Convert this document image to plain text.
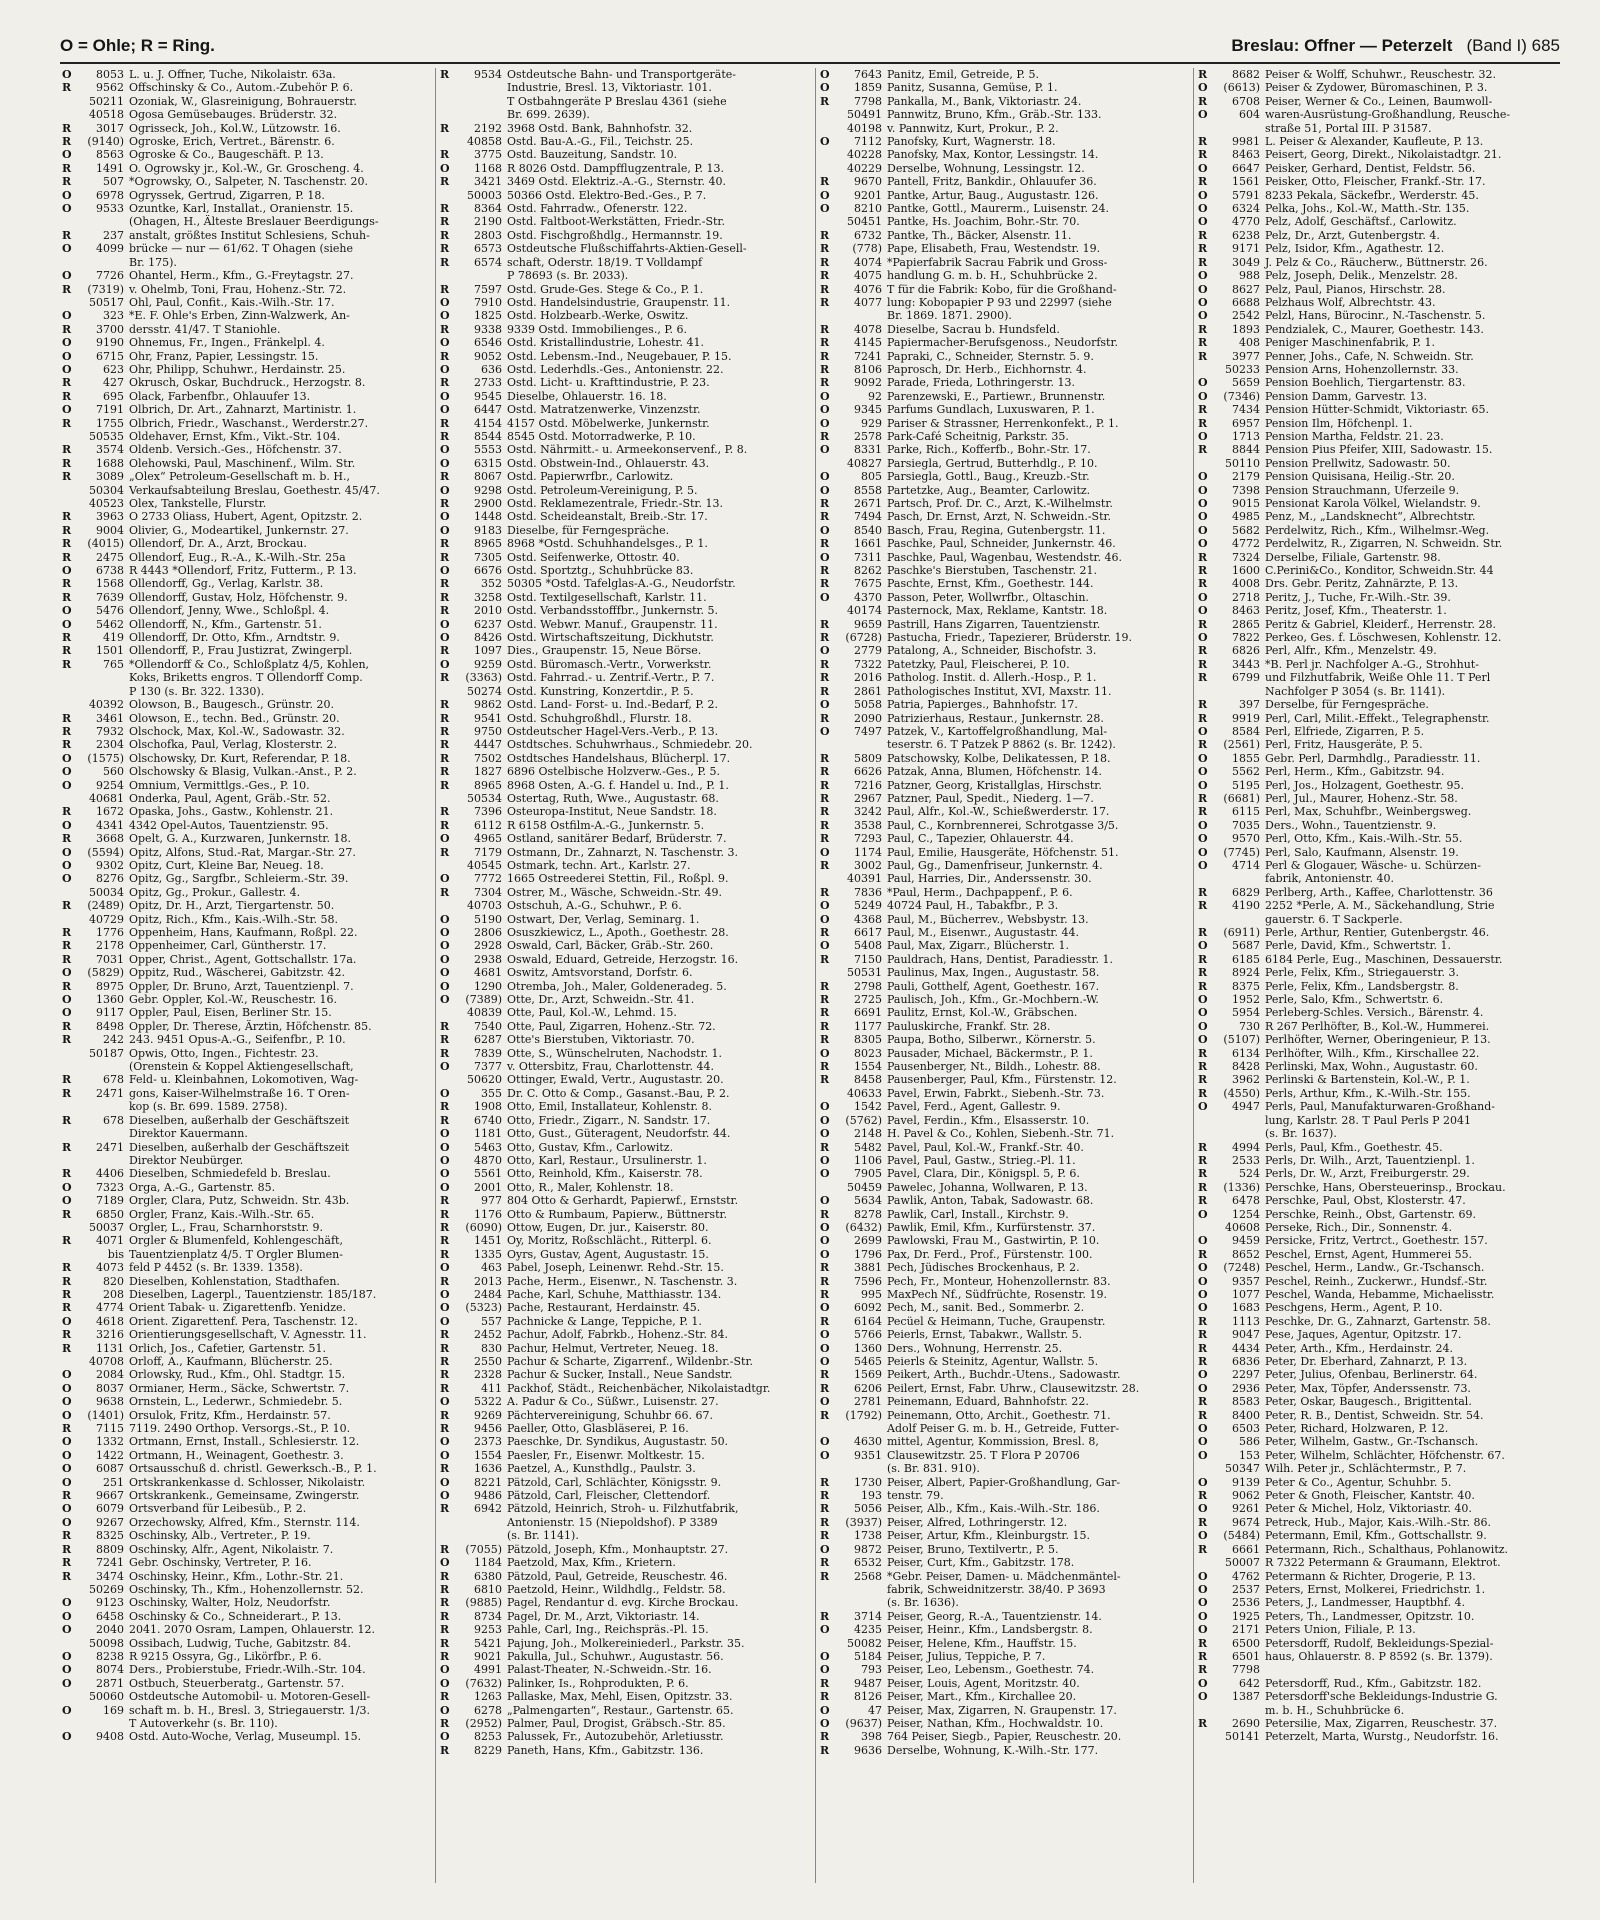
O = Ohle; R = Ring.	Breslau: Offner — Peterzelt (Band I) 685
O 8053 L. u. J. Offner, Tuche, Nikolaistr. 63a.
R 9562 Offschinsky & Co., Autom.-Zubehör P. 6.
50211 Ozoniak, W., Glasreinigung, Bohrauerstr.
40518 Ogosa Gemüsebauges. Brüderstr. 32.
R 3017 Ogrisseck, Joh., Kol.W., Lützowstr. 16.
R (9140) Ogroske, Erich, Vertret., Bärenstr. 6.
O 8563 Ogroske & Co., Baugeschäft. P. 13.
R 1491 O. Ogrowsky jr., Kol.-W., Gr. Groscheng. 4.
R	507 *Ogrowsky, O., Salpeter, N. Taschenstr. 20.
O 6978 Ogryssek, Gertrud, Zigarren, P. 18.
O 9533 Ozuntke, Karl, Installat., Oranienstr. 15.
(Ohagen, H., Älteste Breslauer Beerdigungs-
R	237 anstalt, größtes Institut Schlesiens, Schuh-
O 4099 brücke — nur — 61/62. T Ohagen (siehe
Br. 175).
O 7726 Ohantel, Herm., Kfm., G.-Freytagstr. 27.
R (7319) v. Ohelmb, Toni, Frau, Hohenz.-Str. 72.
50517 Ohl, Paul, Confit., Kais.-Wilh.-Str. 17.
O	323 *E. F. Ohle's Erben, Zinn-Walzwerk, An-
R 3700 dersstr. 41/47. T Staniohle.
O 9190 Ohnemus, Fr., Ingen., Fränkelpl. 4.
O 6715 Ohr, Franz, Papier, Lessingstr. 15.
O	623 Ohr, Philipp, Schuhwr., Herdainstr. 25.
R	427 Okrusch, Oskar, Buchdruck., Herzogstr. 8.
R	695 Olack, Farbenfbr., Ohlauufer 13.
O 7191 Olbrich, Dr. Art., Zahnarzt, Martinistr. 1.
R 1755 Olbrich, Friedr., Waschanst., Werderstr.27.
50535 Oldehaver, Ernst, Kfm., Vikt.-Str. 104.
R 3574 Oldenb. Versich.-Ges., Höfchenstr. 37.
R 1688 Olehowski, Paul, Maschinenf., Wilm. Str.
R 3089 „Olex“ Petroleum-Gesellschaft m. b. H.,
50304 Verkaufsabteilung Breslau, Goethestr. 45/47.
40523 Olex, Tankstelle, Flurstr.
R 3963 O 2733 Oliass, Hubert, Agent, Opitzstr. 2.
R 9004 Olivier, G., Modeartikel, Junkernstr. 27.
R (4015) Ollendorf, Dr. A., Arzt, Brockau.
R 2475 Ollendorf, Eug., R.-A., K.-Wilh.-Str. 25a
O 6738 R 4443 *Ollendorf, Fritz, Futterm., P. 13.
R 1568 Ollendorff, Gg., Verlag, Karlstr. 38.
R 7639 Ollendorff, Gustav, Holz, Höfchenstr. 9.
O 5476 Ollendorf, Jenny, Wwe., Schloßpl. 4.
O 5462 Ollendorff, N., Kfm., Gartenstr. 51.
R	419 Ollendorff, Dr. Otto, Kfm., Arndtstr. 9.
R 1501 Ollendorff, P., Frau Justizrat, Zwingerpl.
R	765 *Ollendorff & Co., Schloßplatz 4/5, Kohlen,
Koks, Briketts engros. T Ollendorff Comp.
P 130 (s. Br. 322. 1330).
40392 Olowson, B., Baugesch., Grünstr. 20.
R 3461 Olowson, E., techn. Bed., Grünstr. 20.
R 7932 Olschock, Max, Kol.-W., Sadowastr. 32.
R 2304 Olschofka, Paul, Verlag, Klosterstr. 2.
O (1575) Olschowsky, Dr. Kurt, Referendar, P. 18.
O	560 Olschowsky & Blasig, Vulkan.-Anst., P. 2.
O 9254 Omnium, Vermittlgs.-Ges., P. 10.
40681 Onderka, Paul, Agent, Gräb.-Str. 52.
R 1672 Opaska, Johs., Gastw., Kohlenstr. 21.
O 4341 4342 Opel-Autos, Tauentzienstr. 95.
R 3668 Opelt, G. A., Kurzwaren, Junkernstr. 18.
O (5594) Opitz, Alfons, Stud.-Rat, Margar.-Str. 27.
O 9302 Opitz, Curt, Kleine Bar, Neueg. 18.
O 8276 Opitz, Gg., Sargfbr., Schleierm.-Str. 39.
50034 Opitz, Gg., Prokur., Gallestr. 4.
R (2489) Opitz, Dr. H., Arzt, Tiergartenstr. 50.
40729 Opitz, Rich., Kfm., Kais.-Wilh.-Str. 58.
R 1776 Oppenheim, Hans, Kaufmann, Roßpl. 22.
R 2178 Oppenheimer, Carl, Güntherstr. 17.
R 7031 Opper, Christ., Agent, Gottschallstr. 17a.
O (5829) Oppitz, Rud., Wäscherei, Gabitzstr. 42.
R 8975 Oppler, Dr. Bruno, Arzt, Tauentzienpl. 7.
O 1360 Gebr. Oppler, Kol.-W., Reuschestr. 16.
O 9117 Oppler, Paul, Eisen, Berliner Str. 15.
R 8498 Oppler, Dr. Therese, Ärztin, Höfchenstr. 85.
R	242 243. 9451 Opus-A.-G., Seifenfbr., P. 10.
50187 Opwis, Otto, Ingen., Fichtestr. 23.
(Orenstein & Koppel Aktiengesellschaft,
R	678 Feld- u. Kleinbahnen, Lokomotiven, Wag-
R 2471 gons, Kaiser-Wilhelmstraße 16. T Oren-
kop (s. Br. 699. 1589. 2758).
R	678 Dieselben, außerhalb der Geschäftszeit
Direktor Kauermann.
R 2471 Dieselben, außerhalb der Geschäftszeit
Direktor Neubürger.
R 4406 Dieselben, Schmiedefeld b. Breslau.
O 7323 Orga, A.-G., Gartenstr. 85.
O 7189 Orgler, Clara, Putz, Schweidn. Str. 43b.
R 6850 Orgler, Franz, Kais.-Wilh.-Str. 65.
50037 Orgler, L., Frau, Scharnhorststr. 9.
R 4071 Orgler & Blumenfeld, Kohlengeschäft,
bis Tauentzienplatz 4/5. T Orgler Blumen-
R 4073 feld P 4452 (s. Br. 1339. 1358).
R	820 Dieselben, Kohlenstation, Stadthafen.
R	208 Dieselben, Lagerpl., Tauentzienstr. 185/187.
R 4774 Orient Tabak- u. Zigarettenfb. Yenidze.
O 4618 Orient. Zigarettenf. Pera, Taschenstr. 12.
R 3216 Orientierungsgesellschaft, V. Agnesstr. 11.
R 1131 Orlich, Jos., Cafetier, Gartenstr. 51.
40708 Orloff, A., Kaufmann, Blücherstr. 25.
O 2084 Orlowsky, Rud., Kfm., Ohl. Stadtgr. 15.
O 8037 Ormianer, Herm., Säcke, Schwertstr. 7.
O 9638 Ornstein, L., Lederwr., Schmiedebr. 5.
O (1401) Orsulok, Fritz, Kfm., Herdainstr. 57.
R 7115 7119. 2490 Orthop. Versorgs.-St., P. 10.
O 1332 Ortmann, Ernst, Install., Schlesierstr. 12.
O 1422 Ortmann, H., Weinagent, Goethestr. 3.
O 6087 Ortsausschuß d. christl. Gewerksch.-B., P. 1.
O	251 Ortskrankenkasse d. Schlosser, Nikolaistr.
R 9667 Ortskrankenk., Gemeinsame, Zwingerstr.
O 6079 Ortsverband für Leibesüb., P. 2.
O 9267 Orzechowsky, Alfred, Kfm., Sternstr. 114.
R 8325 Oschinsky, Alb., Vertreter., P. 19.
R 8809 Oschinsky, Alfr., Agent, Nikolaistr. 7.
R 7241 Gebr. Oschinsky, Vertreter, P. 16.
R 3474 Oschinsky, Heinr., Kfm., Lothr.-Str. 21.
50269 Oschinsky, Th., Kfm., Hohenzollernstr. 52.
O 9123 Oschinsky, Walter, Holz, Neudorfstr.
O 6458 Oschinsky & Co., Schneiderart., P. 13.
O 2040 2041. 2070 Osram, Lampen, Ohlauerstr. 12.
50098 Ossibach, Ludwig, Tuche, Gabitzstr. 84.
O 8238 R 9215 Ossyra, Gg., Likörfbr., P. 6.
O 8074 Ders., Probierstube, Friedr.-Wilh.-Str. 104.
O 2871 Ostbuch, Steuerberatg., Gartenstr. 57.
50060 Ostdeutsche Automobil- u. Motoren-Gesell-
O	169 schaft m. b. H., Bresl. 3, Striegauerstr. 1/3.
T Autoverkehr (s. Br. 110).
O 9408 Ostd. Auto-Woche, Verlag, Museumpl. 15.
R 9534 Ostdeutsche Bahn- und Transportgeräte-
Industrie, Bresl. 13, Viktoriastr. 101.
T Ostbahngeräte P Breslau 4361 (siehe
Br. 699. 2639).
R 2192 3968 Ostd. Bank, Bahnhofstr. 32.
40858 Ostd. Bau-A.-G., Fil., Teichstr. 25.
R 3775 Ostd. Bauzeitung, Sandstr. 10.
O 1168 R 8026 Ostd. Dampfflugzentrale, P. 13.
R 3421 3469 Ostd. Elektriz.-A.-G., Sternstr. 40.
50003 50366 Ostd. Elektro-Bed.-Ges., P. 7.
R 8364 Ostd. Fahrradw., Ofenerstr. 122.
R 2190 Ostd. Faltboot-Werkstätten, Friedr.-Str.
R 2803 Ostd. Fischgroßhdlg., Hermannstr. 19.
R 6573 Ostdeutsche Flußschiffahrts-Aktien-Gesell-
R 6574 schaft, Oderstr. 18/19. T Volldampf
P 78693 (s. Br. 2033).
R 7597 Ostd. Grude-Ges. Stege & Co., P. 1.
O 7910 Ostd. Handelsindustrie, Graupenstr. 11.
O 1825 Ostd. Holzbearb.-Werke, Oswitz.
R 9338 9339 Ostd. Immobilienges., P. 6.
O 6546 Ostd. Kristallindustrie, Lohestr. 41.
R 9052 Ostd. Lebensm.-Ind., Neugebauer, P. 15.
O	636 Ostd. Lederhdls.-Ges., Antonienstr. 22.
R 2733 Ostd. Licht- u. Krafttindustrie, P. 23.
O 9545 Dieselbe, Ohlauerstr. 16. 18.
O 6447 Ostd. Matratzenwerke, Vinzenzstr.
R 4154 4157 Ostd. Möbelwerke, Junkernstr.
R 8544 8545 Ostd. Motorradwerke, P. 10.
O 5553 Ostd. Nährmitt.- u. Armeekonservenf., P. 8.
O 6315 Ostd. Obstwein-Ind., Ohlauerstr. 43.
R 8067 Ostd. Papierwrfbr., Carlowitz.
O 9298 Ostd. Petroleum-Vereinigung, P. 5.
R 2900 Ostd. Reklamezentrale, Friedr.-Str. 13.
O 1448 Ostd. Scheideanstalt, Breib.-Str. 17.
O 9183 Dieselbe, für Ferngespräche.
R 8965 8968 *Ostd. Schuhhandelsges., P. 1.
R 7305 Ostd. Seifenwerke, Ottostr. 40.
O 6676 Ostd. Sportztg., Schuhbrücke 83.
R	352 50305 *Ostd. Tafelglas-A.-G., Neudorfstr.
R 3258 Ostd. Textilgesellschaft, Karlstr. 11.
R 2010 Ostd. Verbandsstofffbr., Junkernstr. 5.
O 6237 Ostd. Webwr. Manuf., Graupenstr. 11.
O 8426 Ostd. Wirtschaftszeitung, Dickhutstr.
R 1097 Dies., Graupenstr. 15, Neue Börse.
O 9259 Ostd. Büromasch.-Vertr., Vorwerkstr.
R (3363) Ostd. Fahrrad.- u. Zentrif.-Vertr., P. 7.
50274 Ostd. Kunstring, Konzertdir., P. 5.
R 9862 Ostd. Land- Forst- u. Ind.-Bedarf, P. 2.
R 9541 Ostd. Schuhgroßhdl., Flurstr. 18.
R 9750 Ostdeutscher Hagel-Vers.-Verb., P. 13.
R 4447 Ostdtsches. Schuhwrhaus., Schmiedebr. 20.
R 7502 Ostdtsches Handelshaus, Blücherpl. 17.
R 1827 6896 Ostelbische Holzverw.-Ges., P. 5.
R 8965 8968 Osten, A.-G. f. Handel u. Ind., P. 1.
50534 Ostertag, Ruth, Wwe., Augustastr. 68.
R 7396 Osteuropa-Institut, Neue Sandstr. 18.
R 6112 R 6158 Ostfilm-A.-G., Junkernstr. 5.
O 4965 Ostland, sanitärer Bedarf, Brüderstr. 7.
R 7179 Ostmann, Dr., Zahnarzt, N. Taschenstr. 3.
40545 Ostmark, techn. Art., Karlstr. 27.
O 7772 1665 Ostreederei Stettin, Fil., Roßpl. 9.
R 7304 Ostrer, M., Wäsche, Schweidn.-Str. 49.
40703 Ostschuh, A.-G., Schuhwr., P. 6.
O 5190 Ostwart, Der, Verlag, Seminarg. 1.
O 2806 Osuszkiewicz, L., Apoth., Goethestr. 28.
O 2928 Oswald, Carl, Bäcker, Gräb.-Str. 260.
O 2938 Oswald, Eduard, Getreide, Herzogstr. 16.
O 4681 Oswitz, Amtsvorstand, Dorfstr. 6.
O 1290 Otremba, Joh., Maler, Goldeneradeg. 5.
O (7389) Otte, Dr., Arzt, Schweidn.-Str. 41.
40839 Otte, Paul, Kol.-W., Lehmd. 15.
R 7540 Otte, Paul, Zigarren, Hohenz.-Str. 72.
R 6287 Otte's Bierstuben, Viktoriastr. 70.
R 7839 Otte, S., Wünschelruten, Nachodstr. 1.
O 7377 v. Ottersbitz, Frau, Charlottenstr. 44.
50620 Ottinger, Ewald, Vertr., Augustastr. 20.
O	355 Dr. C. Otto & Comp., Gasanst.-Bau, P. 2.
R 1908 Otto, Emil, Installateur, Kohlenstr. 8.
R 6740 Otto, Friedr., Zigarr., N. Sandstr. 17.
O 1181 Otto, Gust., Güteragent, Neudorfstr. 44.
O 5463 Otto, Gustav, Kfm., Carlowitz.
O 4870 Otto, Karl, Restaur., Ursulinerstr. 1.
O 5561 Otto, Reinhold, Kfm., Kaiserstr. 78.
O 2001 Otto, R., Maler, Kohlenstr. 18.
R	977 804 Otto & Gerhardt, Papierwf., Ernststr.
R 1176 Otto & Rumbaum, Papierw., Büttnerstr.
R (6090) Ottow, Eugen, Dr. jur., Kaiserstr. 80.
R 1451 Oy, Moritz, Roßschlächt., Ritterpl. 6.
R 1335 Oyrs, Gustav, Agent, Augustastr. 15.
O	463 Pabel, Joseph, Leinenwr. Rehd.-Str. 15.
R 2013 Pache, Herm., Eisenwr., N. Taschenstr. 3.
O 2484 Pache, Karl, Schuhe, Matthiasstr. 134.
O (5323) Pache, Restaurant, Herdainstr. 45.
O	557 Pachnicke & Lange, Teppiche, P. 1.
R 2452 Pachur, Adolf, Fabrkb., Hohenz.-Str. 84.
R	830 Pachur, Helmut, Vertreter, Neueg. 18.
R 2550 Pachur & Scharte, Zigarrenf., Wildenbr.-Str.
R 2328 Pachur & Sucker, Install., Neue Sandstr.
R	411 Packhof, Städt., Reichenbächer, Nikolaistadtgr.
O 5322 A. Padur & Co., Süßwr., Luisenstr. 27.
R 9269 Pächtervereinigung, Schuhbr 66. 67.
R 9456 Paeller, Otto, Glasbläserei, P. 16.
O 2373 Paeschke, Dr. Syndikus, Augustastr. 50.
O 1554 Paesler, Fr., Eisenwr. Moltkestr. 15.
R 1636 Paetzel, A., Kunsthdlg., Paulstr. 3.
O 8221 Pätzold, Carl, Schlächter, Königsstr. 9.
O 9486 Pätzold, Carl, Fleischer, Clettendorf.
R 6942 Pätzold, Heinrich, Stroh- u. Filzhutfabrik,
Antonienstr. 15 (Niepoldshof). P 3389
(s. Br. 1141).
R (7055) Pätzold, Joseph, Kfm., Monhauptstr. 27.
O 1184 Paetzold, Max, Kfm., Krietern.
R 6380 Pätzold, Paul, Getreide, Reuschestr. 46.
R 6810 Paetzold, Heinr., Wildhdlg., Feldstr. 58.
R (9885) Pagel, Rendantur d. evg. Kirche Brockau.
R 8734 Pagel, Dr. M., Arzt, Viktoriastr. 14.
R 9253 Pahle, Carl, Ing., Reichspräs.-Pl. 15.
R 5421 Pajung, Joh., Molkereiniederl., Parkstr. 35.
R 9021 Pakulla, Jul., Schuhwr., Augustastr. 56.
O 4991 Palast-Theater, N.-Schweidn.-Str. 16.
O (7632) Palinker, Is., Rohprodukten, P. 6.
R 1263 Pallaske, Max, Mehl, Eisen, Opitzstr. 33.
O 6278 „Palmengarten“, Restaur., Gartenstr. 65.
R (2952) Palmer, Paul, Drogist, Gräbsch.-Str. 85.
O 8253 Palussek, Fr., Autozubehör, Arletiusstr.
R 8229 Paneth, Hans, Kfm., Gabitzstr. 136.
O 7643 Panitz, Emil, Getreide, P. 5.
O 1859 Panitz, Susanna, Gemüse, P. 1.
R 7798 Pankalla, M., Bank, Viktoriastr. 24.
50491 Pannwitz, Bruno, Kfm., Gräb.-Str. 133.
40198 v. Pannwitz, Kurt, Prokur., P. 2.
O 7112 Panofsky, Kurt, Wagnerstr. 18.
40228 Panofsky, Max, Kontor, Lessingstr. 14.
40229 Derselbe, Wohnung, Lessingstr. 12.
R 9670 Pantell, Fritz, Bankdir., Ohlauufer 36.
O 9201 Pantke, Artur, Baug., Augustastr. 126.
O 8210 Pantke, Gottl., Maurerm., Luisenstr. 24.
50451 Pantke, Hs. Joachim, Bohr.-Str. 70.
R 6732 Pantke, Th., Bäcker, Alsenstr. 11.
R (778) Pape, Elisabeth, Frau, Westendstr. 19.
R 4074 *Papierfabrik Sacrau Fabrik und Gross-
R 4075 handlung G. m. b. H., Schuhbrücke 2.
R 4076 T für die Fabrik: Kobo, für die Großhand-
R 4077 lung: Kobopapier P 93 und 22997 (siehe
Br. 1869. 1871. 2900).
R 4078 Dieselbe, Sacrau b. Hundsfeld.
R 4145 Papiermacher-Berufsgenoss., Neudorfstr.
R 7241 Papraki, C., Schneider, Sternstr. 5. 9.
R 8106 Paprosch, Dr. Herb., Eichhornstr. 4.
R 9092 Parade, Frieda, Lothringerstr. 13.
O	92 Parenzewski, E., Partiewr., Brunnenstr.
O 9345 Parfums Gundlach, Luxuswaren, P. 1.
O	929 Pariser & Strassner, Herrenkonfekt., P. 1.
R 2578 Park-Café Scheitnig, Parkstr. 35.
O 8331 Parke, Rich., Kofferfb., Bohr.-Str. 17.
40827 Parsiegla, Gertrud, Butterhdlg., P. 10.
O	805 Parsiegla, Gottl., Baug., Kreuzb.-Str.
O 8558 Partetzke, Aug., Beamter, Carlowitz.
R 2671 Partsch, Prof. Dr. C., Arzt, K.-Wilhelmstr.
R 7494 Pasch, Dr. Ernst, Arzt, N. Schweidn.-Str.
O 8540 Basch, Frau, Regina, Gutenbergstr. 11.
R 1661 Paschke, Paul, Schneider, Junkernstr. 46.
O 7311 Paschke, Paul, Wagenbau, Westendstr. 46.
R 8262 Paschke's Bierstuben, Taschenstr. 21.
R 7675 Paschte, Ernst, Kfm., Goethestr. 144.
O 4370 Passon, Peter, Wollwrfbr., Oltaschin.
40174 Pasternock, Max, Reklame, Kantstr. 18.
R 9659 Pastrill, Hans Zigarren, Tauentzienstr.
R (6728) Pastucha, Friedr., Tapezierer, Brüderstr. 19.
O 2779 Patalong, A., Schneider, Bischofstr. 3.
R 7322 Patetzky, Paul, Fleischerei, P. 10.
R 2016 Patholog. Instit. d. Allerh.-Hosp., P. 1.
R 2861 Pathologisches Institut, XVI, Maxstr. 11.
O 5058 Patria, Papierges., Bahnhofstr. 17.
R 2090 Patrizierhaus, Restaur., Junkernstr. 28.
O 7497 Patzek, V., Kartoffelgroßhandlung, Mal-
teserstr. 6. T Patzek P 8862 (s. Br. 1242).
R 5809 Patschowsky, Kolbe, Delikatessen, P. 18.
R 6626 Patzak, Anna, Blumen, Höfchenstr. 14.
R 7216 Patzner, Georg, Kristallglas, Hirschstr.
R 2967 Patzner, Paul, Spedit., Niederg. 1—7.
R 3242 Paul, Alfr., Kol.-W., Schießwerderstr. 17.
R 3538 Paul, C., Kornbrennerei, Schrotgasse 3/5.
R 7293 Paul, C., Tapezier, Ohlauerstr. 44.
O 1174 Paul, Emilie, Hausgeräte, Höfchenstr. 51.
R 3002 Paul, Gg., Damenfriseur, Junkernstr. 4.
40391 Paul, Harries, Dir., Anderssenstr. 30.
R 7836 *Paul, Herm., Dachpappenf., P. 6.
O 5249 40724 Paul, H., Tabakfbr., P. 3.
O 4368 Paul, M., Bücherrev., Websbystr. 13.
R 6617 Paul, M., Eisenwr., Augustastr. 44.
O 5408 Paul, Max, Zigarr., Blücherstr. 1.
R 7150 Pauldrach, Hans, Dentist, Paradiesstr. 1.
50531 Paulinus, Max, Ingen., Augustastr. 58.
R 2798 Pauli, Gotthelf, Agent, Goethestr. 167.
R 2725 Paulisch, Joh., Kfm., Gr.-Mochbern.-W.
R 6691 Paulitz, Ernst, Kol.-W., Gräbschen.
R 1177 Pauluskirche, Frankf. Str. 28.
R 8305 Paupa, Botho, Silberwr., Körnerstr. 5.
O 8023 Pausader, Michael, Bäckermstr., P. 1.
R 1554 Pausenberger, Nt., Bildh., Lohestr. 88.
R 8458 Pausenberger, Paul, Kfm., Fürstenstr. 12.
40633 Pavel, Erwin, Fabrkt., Siebenh.-Str. 73.
O 1542 Pavel, Ferd., Agent, Gallestr. 9.
O (5762) Pavel, Ferdin., Kfm., Elsasserstr. 10.
O 2148 H. Pavel & Co., Kohlen, Siebenh.-Str. 71.
R 5482 Pavel, Paul, Kol.-W., Frankf.-Str. 40.
O 1106 Pavel, Paul, Gastw., Strieg.-Pl. 11.
O 7905 Pavel, Clara, Dir., Königspl. 5, P. 6.
50459 Pawelec, Johanna, Wollwaren, P. 13.
O 5634 Pawlik, Anton, Tabak, Sadowastr. 68.
R 8278 Pawlik, Carl, Install., Kirchstr. 9.
O (6432) Pawlik, Emil, Kfm., Kurfürstenstr. 37.
O 2699 Pawlowski, Frau M., Gastwirtin, P. 10.
O 1796 Pax, Dr. Ferd., Prof., Fürstenstr. 100.
R 3881 Pech, Jüdisches Brockenhaus, P. 2.
R 7596 Pech, Fr., Monteur, Hohenzollernstr. 83.
R	995 MaxPech Nf., Südfrüchte, Rosenstr. 19.
O 6092 Pech, M., sanit. Bed., Sommerbr. 2.
R 6164 Pecüel & Heimann, Tuche, Graupenstr.
O 5766 Peierls, Ernst, Tabakwr., Wallstr. 5.
O 1360 Ders., Wohnung, Herrenstr. 25.
O 5465 Peierls & Steinitz, Agentur, Wallstr. 5.
R 1569 Peikert, Arth., Buchdr.-Utens., Sadowastr.
R 6206 Peilert, Ernst, Fabr. Uhrw., Clausewitzstr. 28.
O 2781 Peinemann, Eduard, Bahnhofstr. 22.
R (1792) Peinemann, Otto, Archit., Goethestr. 71.
Adolf Peiser G. m. b. H., Getreide, Futter-
O 4630 mittel, Agentur, Kommission, Bresl. 8,
O 9351 Clausewitzstr. 25. T Flora P 20706
(s. Br. 831. 910).
R 1730 Peiser, Albert, Papier-Großhandlung, Gar-
R	193 tenstr. 79.
R 5056 Peiser, Alb., Kfm., Kais.-Wilh.-Str. 186.
R (3937) Peiser, Alfred, Lothringerstr. 12.
R 1738 Peiser, Artur, Kfm., Kleinburgstr. 15.
O 9872 Peiser, Bruno, Textilvertr., P. 5.
R 6532 Peiser, Curt, Kfm., Gabitzstr. 178.
R 2568 *Gebr. Peiser, Damen- u. Mädchenmäntel-
fabrik, Schweidnitzerstr. 38/40. P 3693
(s. Br. 1636).
R 3714 Peiser, Georg, R.-A., Tauentzienstr. 14.
O 4235 Peiser, Heinr., Kfm., Landsbergstr. 8.
50082 Peiser, Helene, Kfm., Hauffstr. 15.
O 5184 Peiser, Julius, Teppiche, P. 7.
O	793 Peiser, Leo, Lebensm., Goethestr. 74.
R 9487 Peiser, Louis, Agent, Moritzstr. 40.
R 8126 Peiser, Mart., Kfm., Kirchallee 20.
O	47 Peiser, Max, Zigarren, N. Graupenstr. 17.
O (9637) Peiser, Nathan, Kfm., Hochwaldstr. 10.
R	398 764 Peiser, Siegb., Papier, Reuschestr. 20.
R 9636 Derselbe, Wohnung, K.-Wilh.-Str. 177.
R 8682 Peiser & Wolff, Schuhwr., Reuschestr. 32.
O (6613) Peiser & Zydower, Büromaschinen, P. 3.
R 6708 Peiser, Werner & Co., Leinen, Baumwoll-
O	604 waren-Ausrüstung-Großhandlung, Reusche-
straße 51, Portal III. P 31587.
R 9981 L. Peiser & Alexander, Kaufleute, P. 13.
R 8463 Peisert, Georg, Direkt., Nikolaistadtgr. 21.
O 6647 Peisker, Gerhard, Dentist, Feldstr. 56.
R 1561 Peisker, Otto, Fleischer, Frankf.-Str. 17.
O 5791 8233 Pekala, Säckefbr., Werderstr. 45.
O 6324 Pelka, Johs., Kol.-W., Matth.-Str. 135.
O 4770 Pelz, Adolf, Geschäftsf., Carlowitz.
R 6238 Pelz, Dr., Arzt, Gutenbergstr. 4.
R 9171 Pelz, Isidor, Kfm., Agathestr. 12.
R 3049 J. Pelz & Co., Räucherw., Büttnerstr. 26.
O	988 Pelz, Joseph, Delik., Menzelstr. 28.
O 8627 Pelz, Paul, Pianos, Hirschstr. 28.
O 6688 Pelzhaus Wolf, Albrechtstr. 43.
O 2542 Pelzl, Hans, Bürocinr., N.-Taschenstr. 5.
R 1893 Pendzialek, C., Maurer, Goethestr. 143.
R	408 Peniger Maschinenfabrik, P. 1.
R 3977 Penner, Johs., Cafe, N. Schweidn. Str.
50233 Pension Arns, Hohenzollernstr. 33.
O 5659 Pension Boehlich, Tiergartenstr. 83.
O (7346) Pension Damm, Garvestr. 13.
R 7434 Pension Hütter-Schmidt, Viktoriastr. 65.
R 6957 Pension Ilm, Höfchenpl. 1.
O 1713 Pension Martha, Feldstr. 21. 23.
R 8844 Pension Pius Pfeifer, XIII, Sadowastr. 15.
50110 Pension Prellwitz, Sadowastr. 50.
O 2179 Pension Quisisana, Heilig.-Str. 20.
O 7398 Pension Strauchmann, Uferzeile 9.
O 9015 Pensionat Karola Völkel, Wielandstr. 9.
O 4985 Penz, M., „Landsknecht“, Albrechtstr.
O 5682 Perdelwitz, Rich., Kfm., Wilhelmsr.-Weg.
O 4772 Perdelwitz, R., Zigarren, N. Schweidn. Str.
R 7324 Derselbe, Filiale, Gartenstr. 98.
R 1600 C.Perini&Co., Konditor, Schweidn.Str. 44
R 4008 Drs. Gebr. Peritz, Zahnärzte, P. 13.
O 2718 Peritz, J., Tuche, Fr.-Wilh.-Str. 39.
O 8463 Peritz, Josef, Kfm., Theaterstr. 1.
R 2865 Peritz & Gabriel, Kleiderf., Herrenstr. 28.
O 7822 Perkeo, Ges. f. Löschwesen, Kohlenstr. 12.
R 6826 Perl, Alfr., Kfm., Menzelstr. 49.
R 3443 *B. Perl jr. Nachfolger A.-G., Strohhut-
R 6799 und Filzhutfabrik, Weiße Ohle 11. T Perl
Nachfolger P 3054 (s. Br. 1141).
R	397 Derselbe, für Ferngespräche.
R 9919 Perl, Carl, Milit.-Effekt., Telegraphenstr.
O 8584 Perl, Elfriede, Zigarren, P. 5.
R (2561) Perl, Fritz, Hausgeräte, P. 5.
O 1855 Gebr. Perl, Darmhdlg., Paradiesstr. 11.
O 5562 Perl, Herm., Kfm., Gabitzstr. 94.
O 5195 Perl, Jos., Holzagent, Goethestr. 95.
R (6681) Perl, Jul., Maurer, Hohenz.-Str. 58.
R 6115 Perl, Max, Schuhfbr., Weinbergsweg.
O 7035 Ders., Wohn., Tauentzienstr. 9.
O 9570 Perl, Otto, Kfm., Kais.-Wilh.-Str. 55.
O (7745) Perl, Salo, Kaufmann, Alsenstr. 19.
O 4714 Perl & Glogauer, Wäsche- u. Schürzen-
fabrik, Antonienstr. 40.
R 6829 Perlberg, Arth., Kaffee, Charlottenstr. 36
R 4190 2252 *Perle, A. M., Säckehandlung, Strie
gauerstr. 6. T Sackperle.
R (6911) Perle, Arthur, Rentier, Gutenbergstr. 46.
O 5687 Perle, David, Kfm., Schwertstr. 1.
R 6185 6184 Perle, Eug., Maschinen, Dessauerstr.
R 8924 Perle, Felix, Kfm., Striegauerstr. 3.
R 8375 Perle, Felix, Kfm., Landsbergstr. 8.
O 1952 Perle, Salo, Kfm., Schwertstr. 6.
O 5954 Perleberg-Schles. Versich., Bärenstr. 4.
O	730 R 267 Perlhöfter, B., Kol.-W., Hummerei.
O (5107) Perlhöfter, Werner, Oberingenieur, P. 13.
R 6134 Perlhöfter, Wilh., Kfm., Kirschallee 22.
R 8428 Perlinski, Max, Wohn., Augustastr. 60.
R 3962 Perlinski & Bartenstein, Kol.-W., P. 1.
R (4550) Perls, Arthur, Kfm., K.-Wilh.-Str. 155.
O 4947 Perls, Paul, Manufakturwaren-Großhand-
lung, Karlstr. 28. T Paul Perls P 2041
(s. Br. 1637).
R 4994 Perls, Paul, Kfm., Goethestr. 45.
R 2533 Perls, Dr. Wilh., Arzt, Tauentzienpl. 1.
R	524 Perls, Dr. W., Arzt, Freiburgerstr. 29.
R (1336) Perschke, Hans, Obersteuerinsp., Brockau.
R 6478 Perschke, Paul, Obst, Klosterstr. 47.
O 1254 Perschke, Reinh., Obst, Gartenstr. 69.
40608 Perseke, Rich., Dir., Sonnenstr. 4.
O 9459 Persicke, Fritz, Vertrct., Goethestr. 157.
R 8652 Peschel, Ernst, Agent, Hummerei 55.
O (7248) Peschel, Herm., Landw., Gr.-Tschansch.
O 9357 Peschel, Reinh., Zuckerwr., Hundsf.-Str.
O 1077 Peschel, Wanda, Hebamme, Michaelisstr.
O 1683 Peschgens, Herm., Agent, P. 10.
R 1113 Peschke, Dr. G., Zahnarzt, Gartenstr. 58.
R 9047 Pese, Jaques, Agentur, Opitzstr. 17.
R 4434 Peter, Arth., Kfm., Herdainstr. 24.
R 6836 Peter, Dr. Eberhard, Zahnarzt, P. 13.
O 2297 Peter, Julius, Ofenbau, Berlinerstr. 64.
O 2936 Peter, Max, Töpfer, Anderssenstr. 73.
R 8583 Peter, Oskar, Baugesch., Brigittental.
R 8400 Peter, R. B., Dentist, Schweidn. Str. 54.
O 6503 Peter, Richard, Holzwaren, P. 12.
O	586 Peter, Wilhelm, Gastw., Gr.-Tschansch.
O	153 Peter, Wilhelm, Schlächter, Höfchenstr. 67.
50347 Wilh. Peter jr., Schlächtermstr., P. 7.
O 9139 Peter & Co., Agentur, Schuhbr. 5.
R 9062 Peter & Gnoth, Fleischer, Kantstr. 40.
O 9261 Peter & Michel, Holz, Viktoriastr. 40.
R 9674 Petreck, Hub., Major, Kais.-Wilh.-Str. 86.
O (5484) Petermann, Emil, Kfm., Gottschallstr. 9.
R 6661 Petermann, Rich., Schalthaus, Pohlanowitz.
50007 R 7322 Petermann & Graumann, Elektrot.
O 4762 Petermann & Richter, Drogerie, P. 13.
O 2537 Peters, Ernst, Molkerei, Friedrichstr. 1.
O 2536 Peters, J., Landmesser, Hauptbhf. 4.
O 1925 Peters, Th., Landmesser, Opitzstr. 10.
O 2171 Peters Union, Filiale, P. 13.
R 6500 Petersdorff, Rudolf, Bekleidungs-Spezial-
R 6501 haus, Ohlauerstr. 8. P 8592 (s. Br. 1379).
R 7798
O	642 Petersdorff, Rud., Kfm., Gabitzstr. 182.
O 1387 Petersdorff'sche Bekleidungs-Industrie G.
m. b. H., Schuhbrücke 6.
R 2690 Petersilie, Max, Zigarren, Reuschestr. 37.
50141 Peterzelt, Marta, Wurstg., Neudorfstr. 16.
